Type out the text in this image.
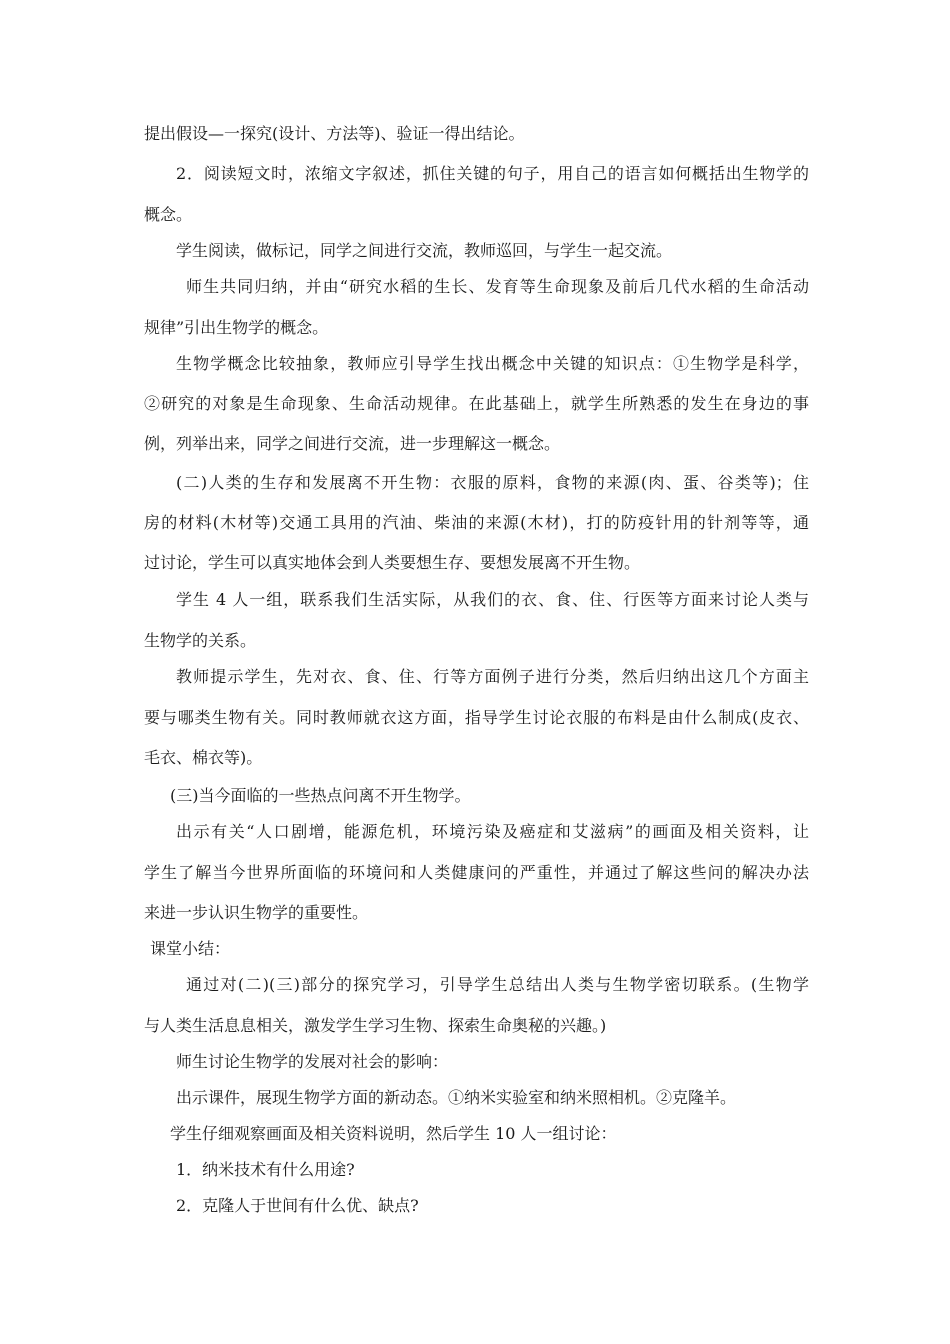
提出假设—一探究(设计、方法等)、验证一得出结论。
2．阅读短文时，浓缩文字叙述，抓住关键的句子，用自己的语言如何概括出生物学的
概念。
学生阅读，做标记，同学之间进行交流，教师巡回，与学生一起交流。
师生共同归纳，并由“研究水稻的生长、发育等生命现象及前后几代水稻的生命活动
规律”引出生物学的概念。
生物学概念比较抽象，教师应引导学生找出概念中关键的知识点：①生物学是科学，
②研究的对象是生命现象、生命活动规律。在此基础上，就学生所熟悉的发生在身边的事
例，列举出来，同学之间进行交流，进一步理解这一概念。
(二)人类的生存和发展离不开生物：衣服的原料，食物的来源(肉、蛋、谷类等)；住
房的材料(木材等)交通工具用的汽油、柴油的来源(木材)，打的防疫针用的针剂等等，通
过讨论，学生可以真实地体会到人类要想生存、要想发展离不开生物。
学生 4 人一组，联系我们生活实际，从我们的衣、食、住、行医等方面来讨论人类与
生物学的关系。
教师提示学生，先对衣、食、住、行等方面例子进行分类，然后归纳出这几个方面主
要与哪类生物有关。同时教师就衣这方面，指导学生讨论衣服的布料是由什么制成(皮衣、
毛衣、棉衣等)。
(三)当今面临的一些热点问离不开生物学。
出示有关“人口剧增，能源危机，环境污染及癌症和艾滋病”的画面及相关资料，让
学生了解当今世界所面临的环境问和人类健康问的严重性，并通过了解这些问的解决办法
来进一步认识生物学的重要性。
课堂小结：
通过对(二)(三)部分的探究学习，引导学生总结出人类与生物学密切联系。(生物学
与人类生活息息相关，激发学生学习生物、探索生命奥秘的兴趣。)
师生讨论生物学的发展对社会的影响：
出示课件，展现生物学方面的新动态。①纳米实验室和纳米照相机。②克隆羊。
学生仔细观察画面及相关资料说明，然后学生 10 人一组讨论：
1．纳米技术有什么用途?
2．克隆人于世间有什么优、缺点?
